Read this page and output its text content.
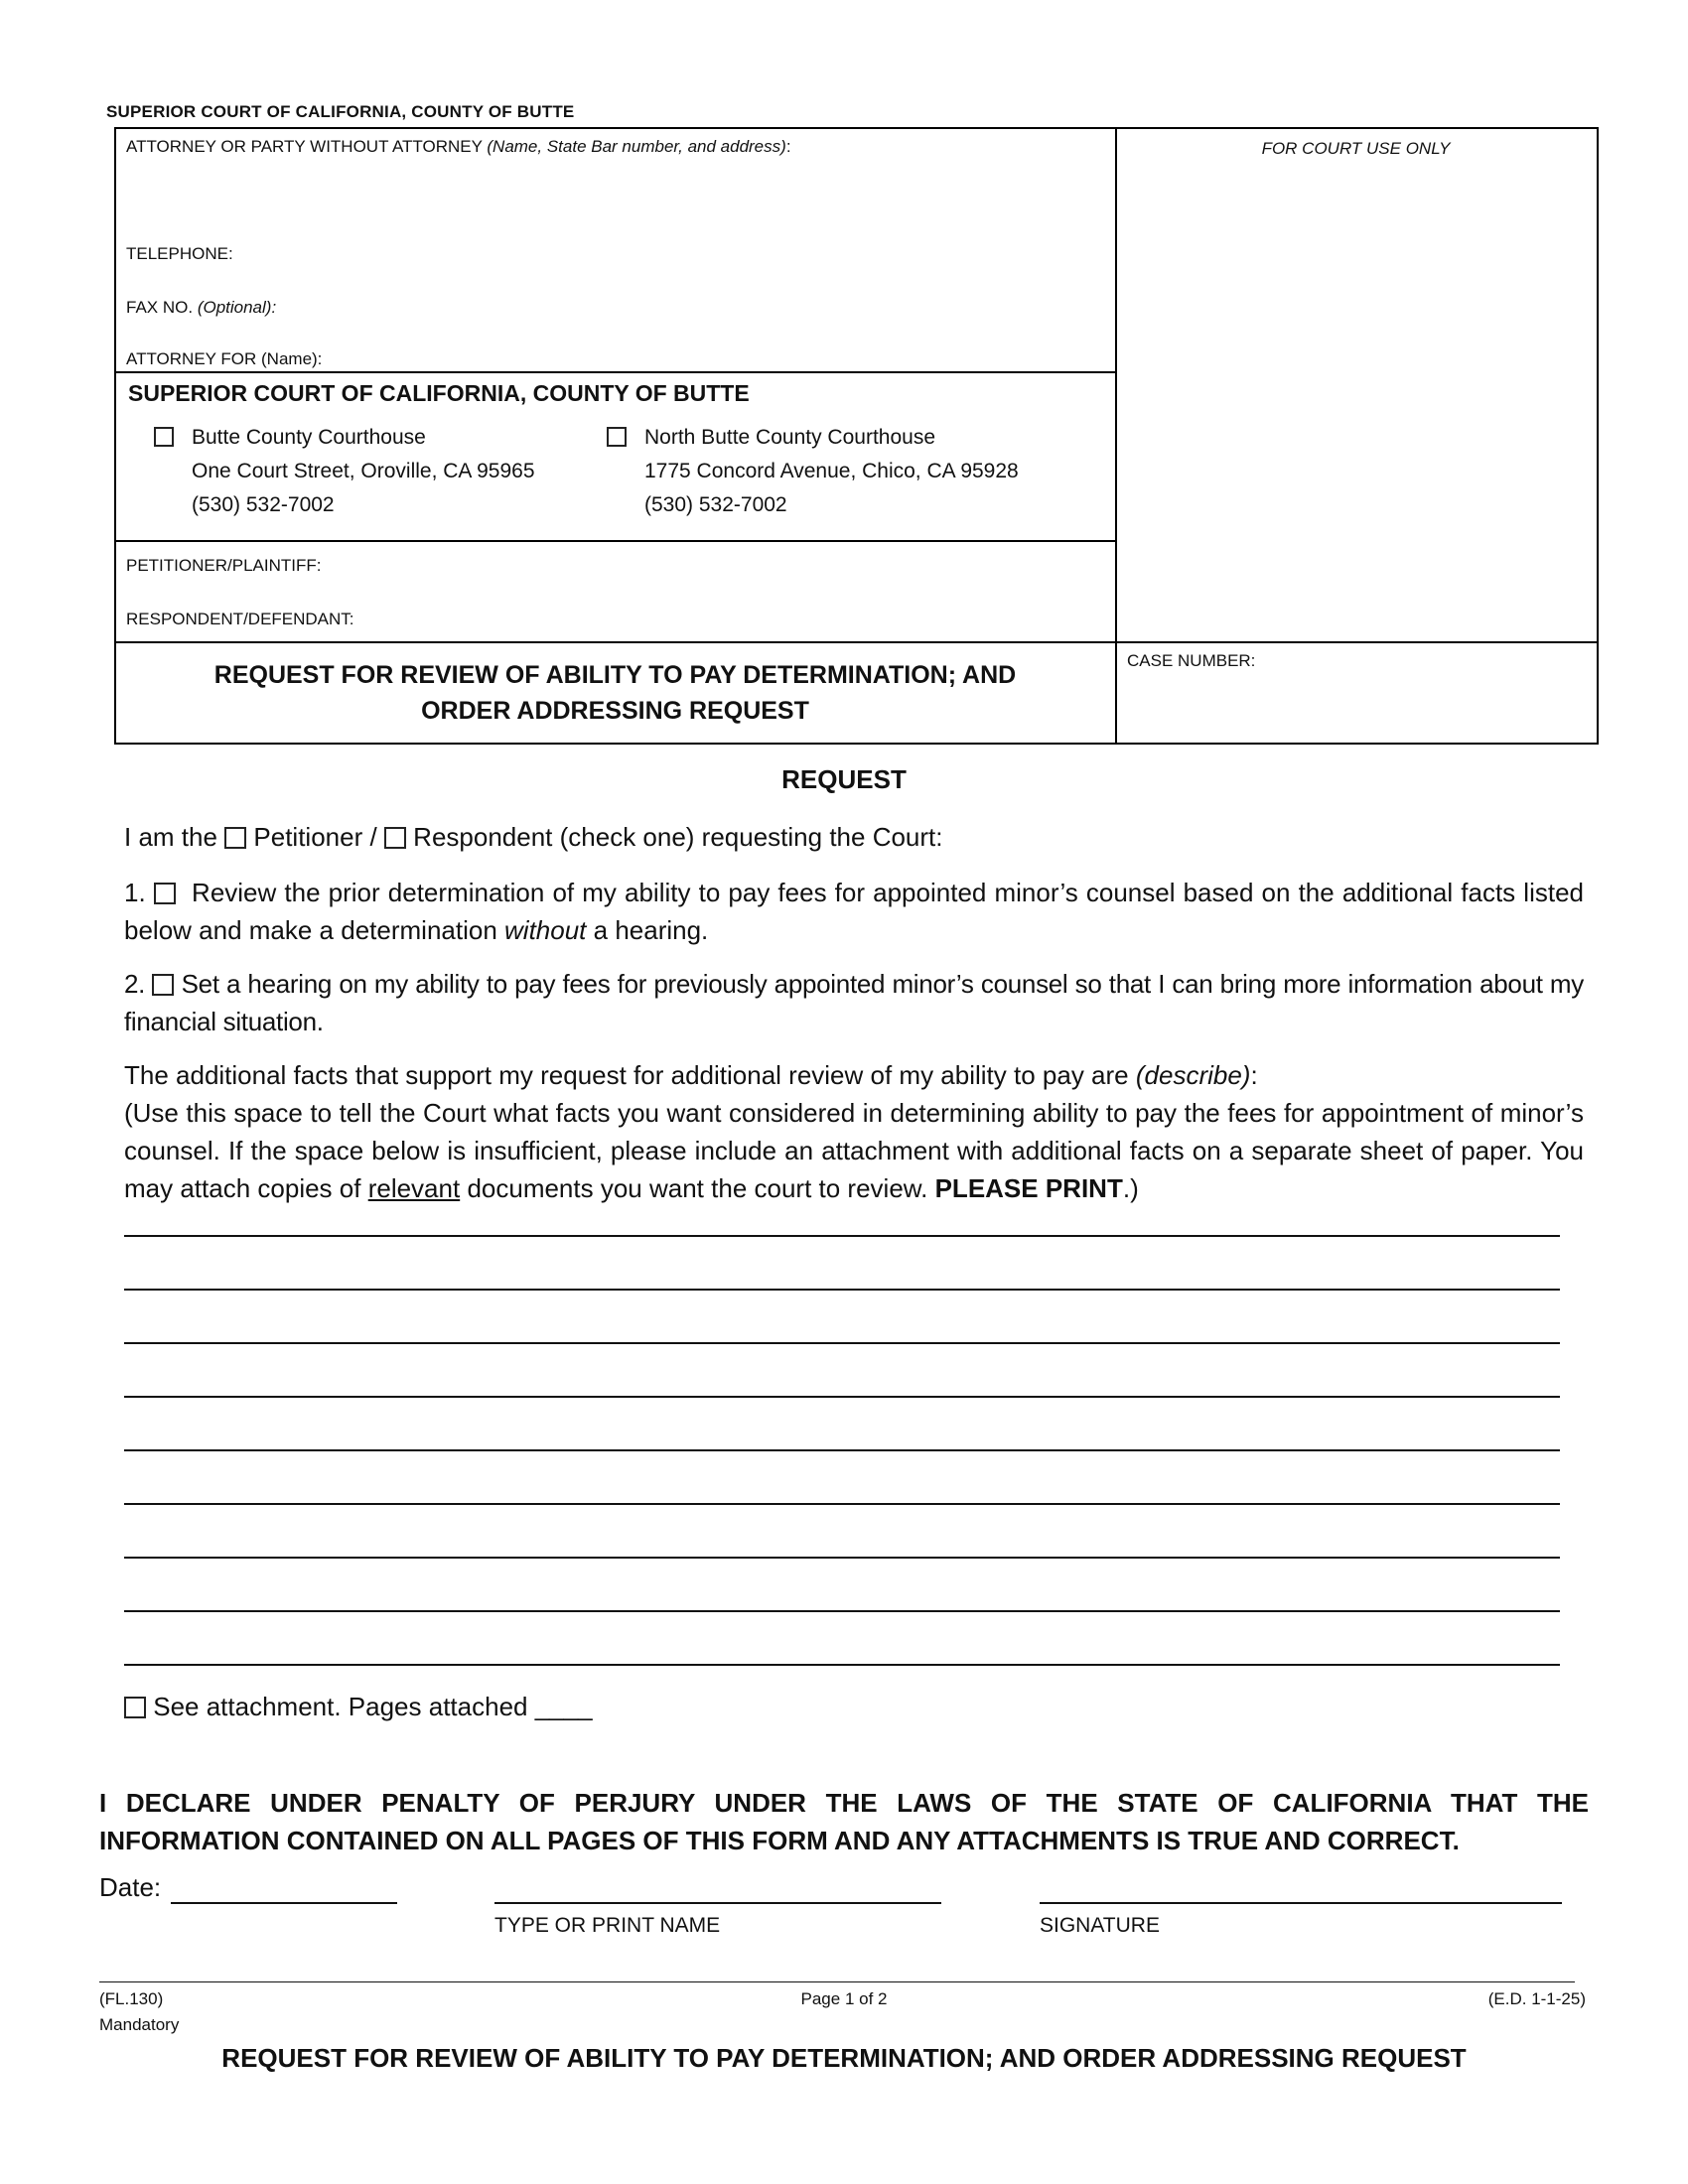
SUPERIOR COURT OF CALIFORNIA, COUNTY OF BUTTE
ATTORNEY OR PARTY WITHOUT ATTORNEY (Name, State Bar number, and address):
TELEPHONE:
FAX NO. (Optional):
ATTORNEY FOR (Name):
FOR COURT USE ONLY
SUPERIOR COURT OF CALIFORNIA, COUNTY OF BUTTE
Butte County Courthouse
One Court Street, Oroville, CA 95965
(530) 532-7002
North Butte County Courthouse
1775 Concord Avenue, Chico, CA 95928
(530) 532-7002
PETITIONER/PLAINTIFF:
RESPONDENT/DEFENDANT:
CASE NUMBER:
REQUEST FOR REVIEW OF ABILITY TO PAY DETERMINATION; AND
ORDER ADDRESSING REQUEST
REQUEST
I am the Petitioner / Respondent (check one) requesting the Court:
1. Review the prior determination of my ability to pay fees for appointed minor’s counsel based on the additional facts listed below and make a determination without a hearing.
2. Set a hearing on my ability to pay fees for previously appointed minor’s counsel so that I can bring more information about my financial situation.
The additional facts that support my request for additional review of my ability to pay are (describe):
(Use this space to tell the Court what facts you want considered in determining ability to pay the fees for appointment of minor’s counsel. If the space below is insufficient, please include an attachment with additional facts on a separate sheet of paper. You may attach copies of relevant documents you want the court to review. PLEASE PRINT.)
See attachment. Pages attached ____
I DECLARE UNDER PENALTY OF PERJURY UNDER THE LAWS OF THE STATE OF CALIFORNIA THAT THE INFORMATION CONTAINED ON ALL PAGES OF THIS FORM AND ANY ATTACHMENTS IS TRUE AND CORRECT.
Date:
TYPE OR PRINT NAME	SIGNATURE
(FL.130)
Mandatory
Page 1 of 2	(E.D. 1-1-25)
REQUEST FOR REVIEW OF ABILITY TO PAY DETERMINATION; AND ORDER ADDRESSING REQUEST
